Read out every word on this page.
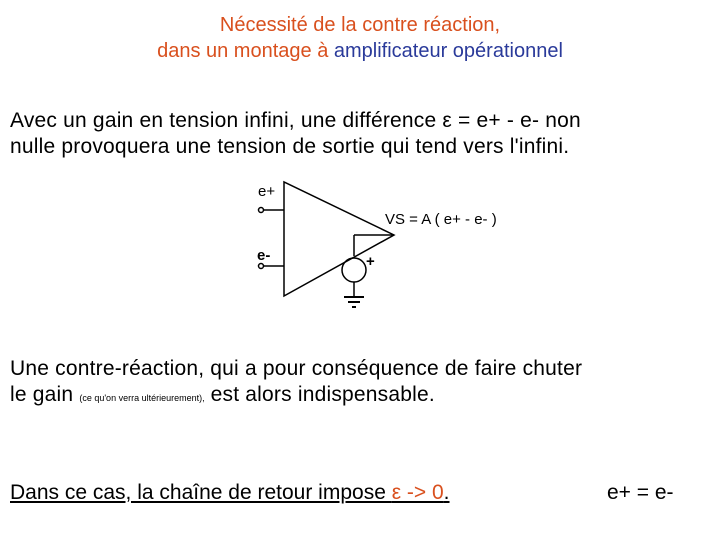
Nécessité de la contre réaction,
dans un montage à amplificateur opérationnel
Avec un gain en tension infini, une différence ε = e+ - e- non
nulle provoquera une tension de sortie qui tend vers l'infini.
e+
e-	+
VS = A ( e+ - e- )
Une contre-réaction, qui a pour conséquence de faire chuter
le gain (ce qu'on verra ultérieurement), est alors indispensable.
Dans ce cas, la chaîne de retour impose ε -> 0.	e+ = e-
